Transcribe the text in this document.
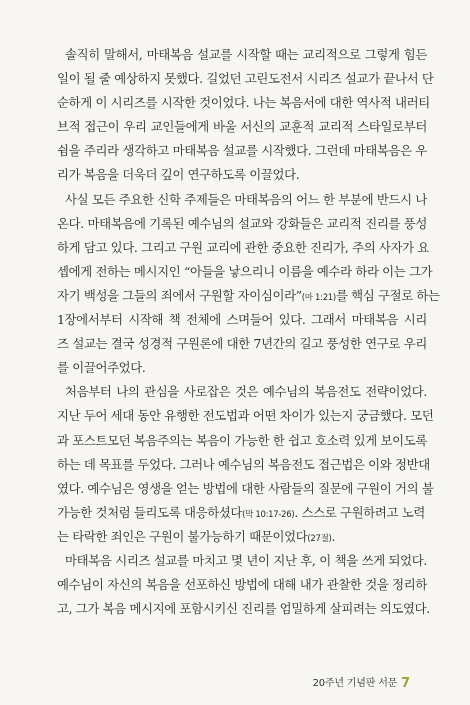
솔직히 말해서, 마태복음 설교를 시작할 때는 교리적으로 그렇게 힘든
일이 될 줄 예상하지 못했다. 길었던 고린도전서 시리즈 설교가 끝나서 단
순하게 이 시리즈를 시작한 것이었다. 나는 복음서에 대한 역사적 내러티
브적 접근이 우리 교인들에게 바울 서신의 교훈적 교리적 스타일로부터
쉼을 주리라 생각하고 마태복음 설교를 시작했다. 그런데 마태복음은 우
리가 복음을 더욱더 깊이 연구하도록 이끌었다.
사실 모든 주요한 신학 주제들은 마태복음의 어느 한 부분에 반드시 나
온다. 마태복음에 기록된 예수님의 설교와 강화들은 교리적 진리를 풍성
하게 담고 있다. 그리고 구원 교리에 관한 중요한 진리가, 주의 사자가 요
셉에게 전하는 메시지인 “아들을 낳으리니 이름을 예수라 하라 이는 그가
자기 백성을 그들의 죄에서 구원할 자이심이라”(마 1:21)를 핵심 구절로 하는
1장에서부터 시작해 책 전체에 스며들어 있다. 그래서 마태복음 시리
즈 설교는 결국 성경적 구원론에 대한 7년간의 길고 풍성한 연구로 우리
를 이끌어주었다.
처음부터 나의 관심을 사로잡은 것은 예수님의 복음전도 전략이었다.
지난 두어 세대 동안 유행한 전도법과 어떤 차이가 있는지 궁금했다. 모던
과 포스트모던 복음주의는 복음이 가능한 한 쉽고 호소력 있게 보이도록
하는 데 목표를 두었다. 그러나 예수님의 복음전도 접근법은 이와 정반대
였다. 예수님은 영생을 얻는 방법에 대한 사람들의 질문에 구원이 거의 불
가능한 것처럼 들리도록 대응하셨다(막 10:17-26). 스스로 구원하려고 노력
는 타락한 죄인은 구원이 불가능하기 때문이었다(27절).
마태복음 시리즈 설교를 마치고 몇 년이 지난 후, 이 책을 쓰게 되었다.
예수님이 자신의 복음을 선포하신 방법에 대해 내가 관찰한 것을 정리하
고, 그가 복음 메시지에 포함시키신 진리를 엄밀하게 살피려는 의도였다.
20주년 기념판 서문 7
